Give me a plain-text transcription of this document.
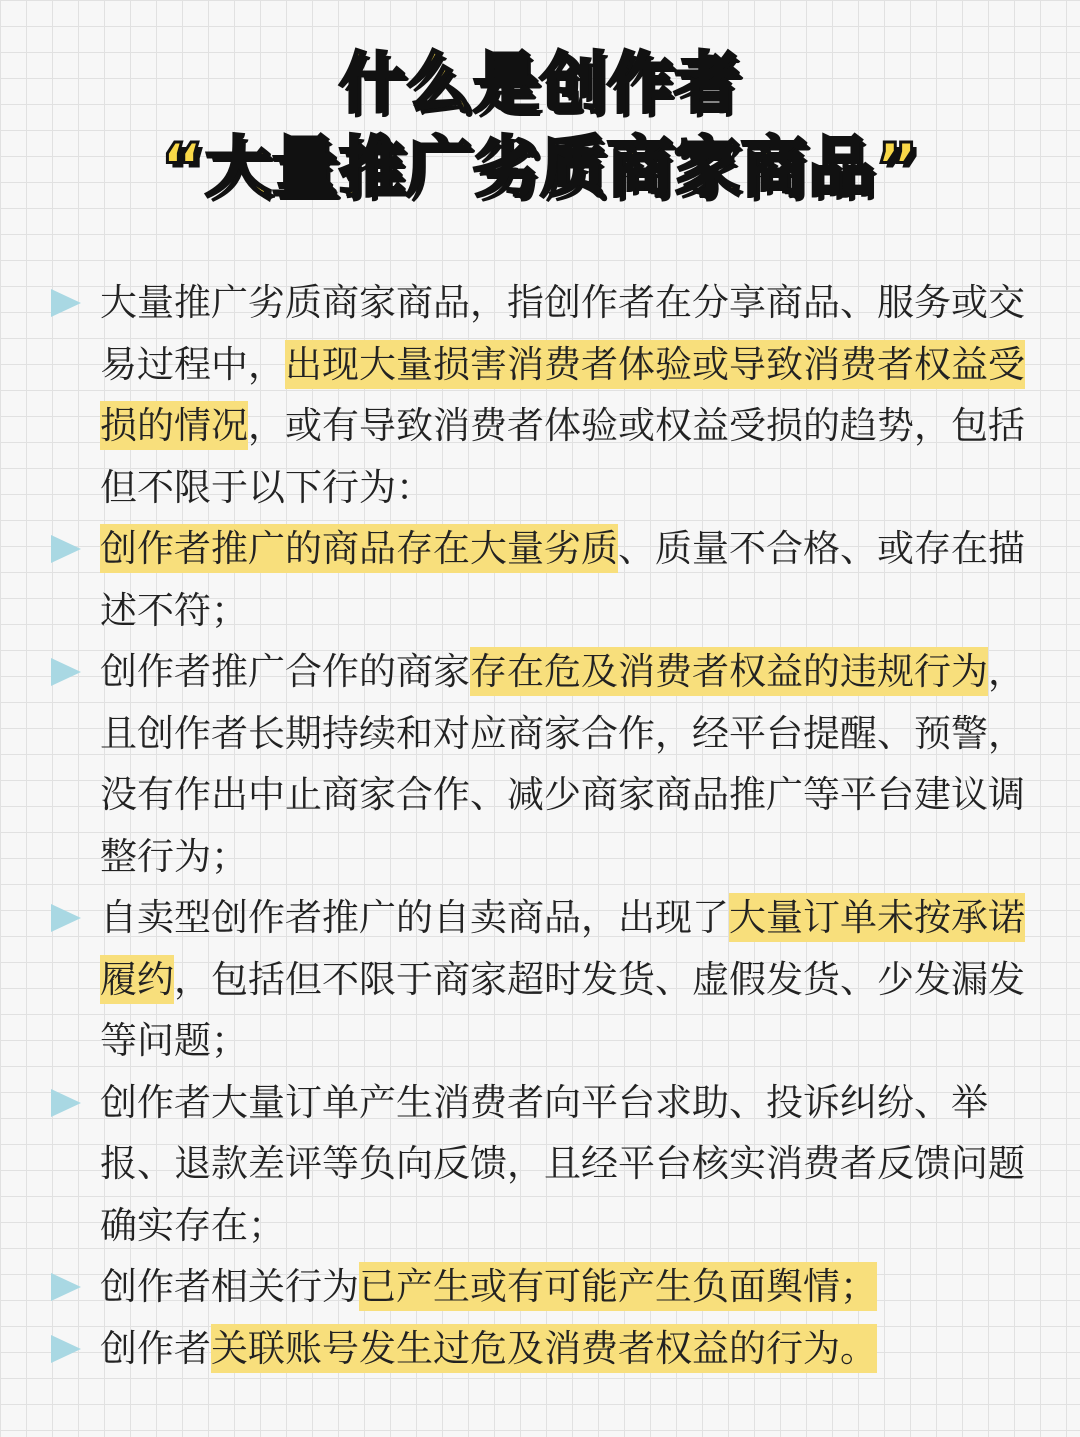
什么是创作者
“大量推广劣质商家商品”
大量推广劣质商家商品，指创作者在分享商品、服务或交易过程中，出现大量损害消费者体验或导致消费者权益受损的情况，或有导致消费者体验或权益受损的趋势，包括但不限于以下行为：
创作者推广的商品存在大量劣质、质量不合格、或存在描述不符；
创作者推广合作的商家存在危及消费者权益的违规行为，且创作者长期持续和对应商家合作，经平台提醒、预警，没有作出中止商家合作、减少商家商品推广等平台建议调整行为；
自卖型创作者推广的自卖商品，出现了大量订单未按承诺履约，包括但不限于商家超时发货、虚假发货、少发漏发等问题；
创作者大量订单产生消费者向平台求助、投诉纠纷、举报、退款差评等负向反馈，且经平台核实消费者反馈问题确实存在；
创作者相关行为已产生或有可能产生负面舆情；
创作者关联账号发生过危及消费者权益的行为。
